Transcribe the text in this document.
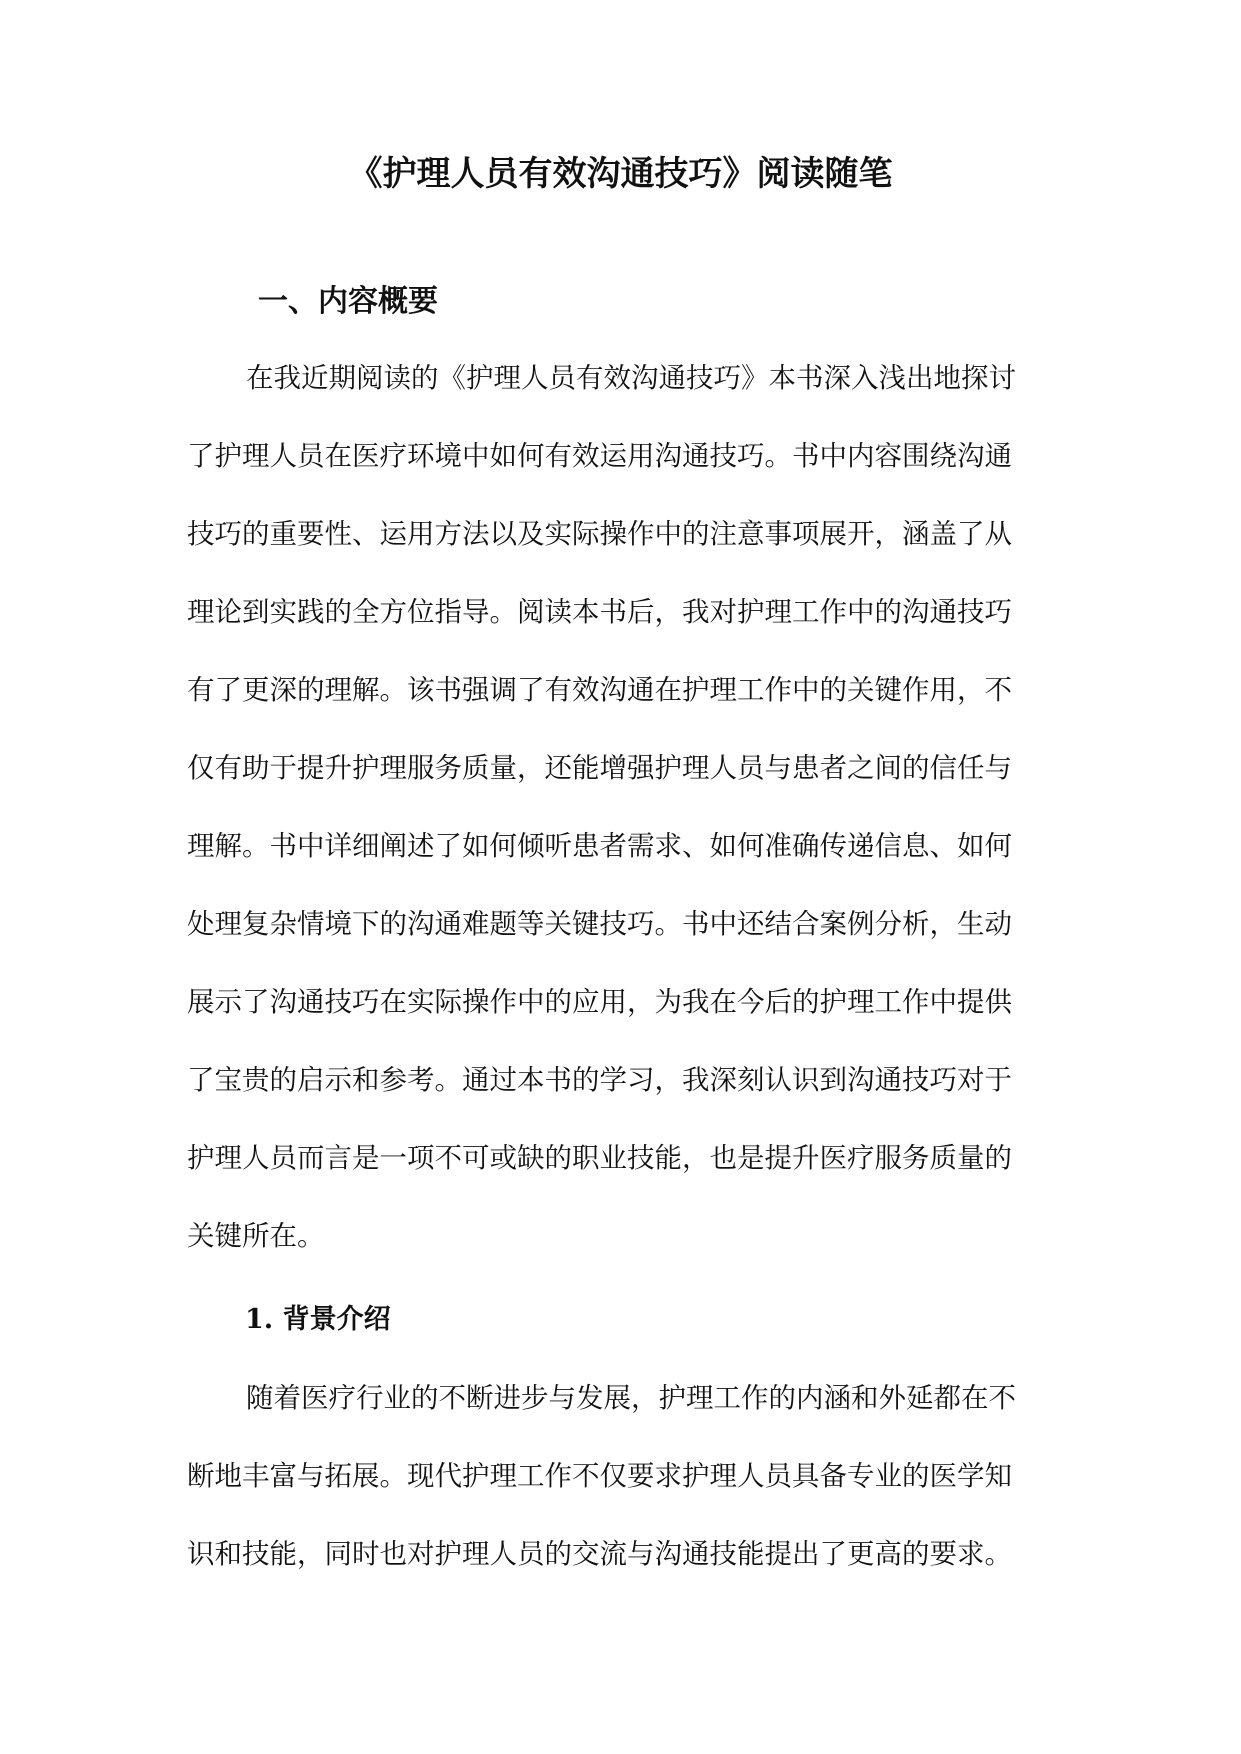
《护理人员有效沟通技巧》阅读随笔
一、内容概要

在我近期阅读的《护理人员有效沟通技巧》本书深入浅出地探讨

了护理人员在医疗环境中如何有效运用沟通技巧。书中内容围绕沟通

技巧的重要性、运用方法以及实际操作中的注意事项展开，涵盖了从

理论到实践的全方位指导。阅读本书后，我对护理工作中的沟通技巧

有了更深的理解。该书强调了有效沟通在护理工作中的关键作用，不

仅有助于提升护理服务质量，还能增强护理人员与患者之间的信任与

理解。书中详细阐述了如何倾听患者需求、如何准确传递信息、如何

处理复杂情境下的沟通难题等关键技巧。书中还结合案例分析，生动

展示了沟通技巧在实际操作中的应用，为我在今后的护理工作中提供

了宝贵的启示和参考。通过本书的学习，我深刻认识到沟通技巧对于

护理人员而言是一项不可或缺的职业技能，也是提升医疗服务质量的

关键所在。

1. 背景介绍

随着医疗行业的不断进步与发展，护理工作的内涵和外延都在不

断地丰富与拓展。现代护理工作不仅要求护理人员具备专业的医学知

识和技能，同时也对护理人员的交流与沟通技能提出了更高的要求。
